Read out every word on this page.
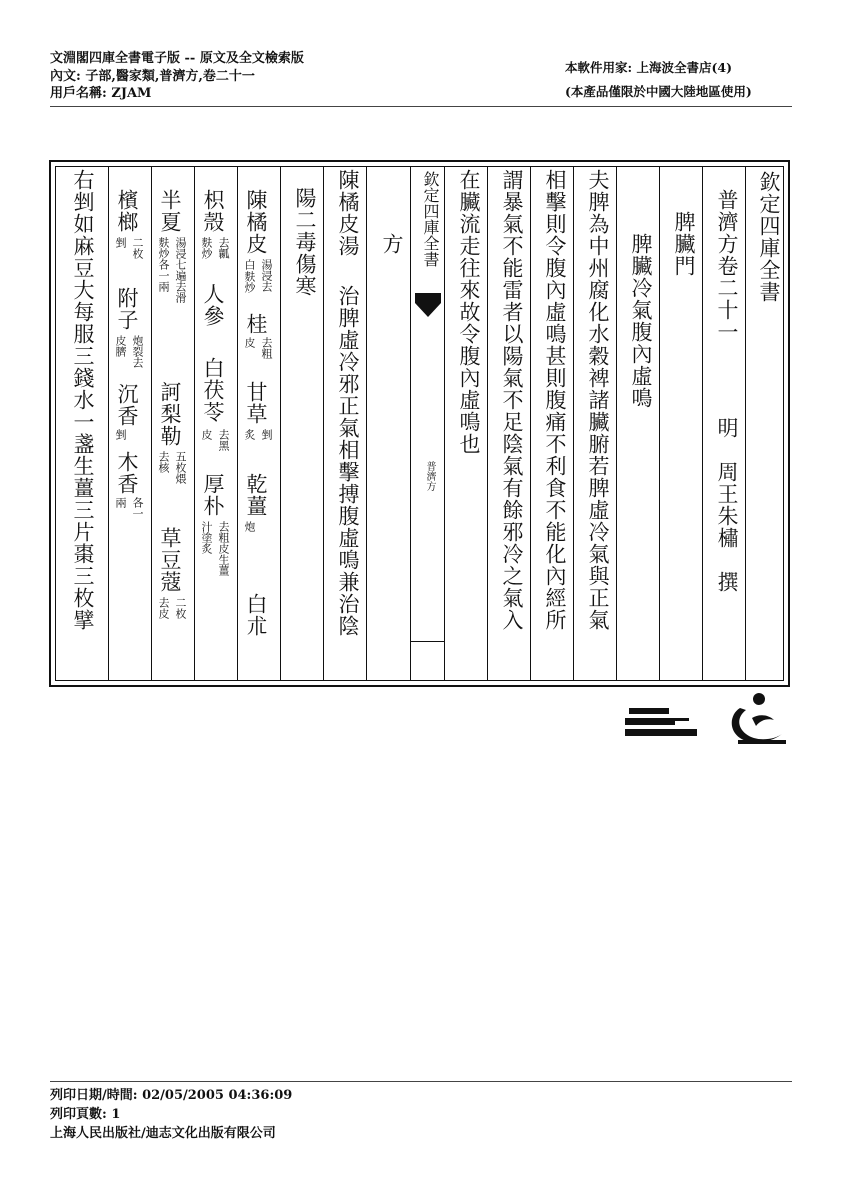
文淵閣四庫全書電子版 -- 原文及全文檢索版
內文: 子部,醫家類,普濟方,卷二十一
用戶名稱: ZJAM
本軟件用家: 上海波全書店(4)
(本產品僅限於中國大陸地區使用)
欽定四庫全書
普濟方卷二十一
明　周王朱橚　撰
脾臟門
脾臟冷氣腹內虛鳴
夫脾為中州腐化水穀裨諸臟腑若脾虛冷氣與正氣
相擊則令腹內虛鳴甚則腹痛不利食不能化內經所
謂暴氣不能雷者以陽氣不足陰氣有餘邪冷之氣入
在臟流走往來故令腹內虛鳴也
欽定四庫全書
普濟方
方
陳橘皮湯
治脾虛冷邪正氣相擊搏腹虛鳴兼治陰
陽二毒傷寒
陳橘皮
湯浸去
白
麩炒
桂
去粗
皮
甘草
剉
炙
乾薑
炮
白朮
枳殼
去瓤
麩炒
人參
白茯苓
去黑
皮
厚朴
去粗皮生薑
汁塗炙
半夏
湯浸七遍去滑
麩炒各一兩
訶梨勒
五枚煨
去核
草豆蔻
二枚
去皮
檳榔
二枚
剉
附子
炮裂去
皮臍
沉香
剉
木香
各一
兩
右剉如麻豆大每服三錢水一盞生薑三片棗三枚擘
列印日期/時間: 02/05/2005 04:36:09
列印頁數: 1
上海人民出版社/迪志文化出版有限公司
